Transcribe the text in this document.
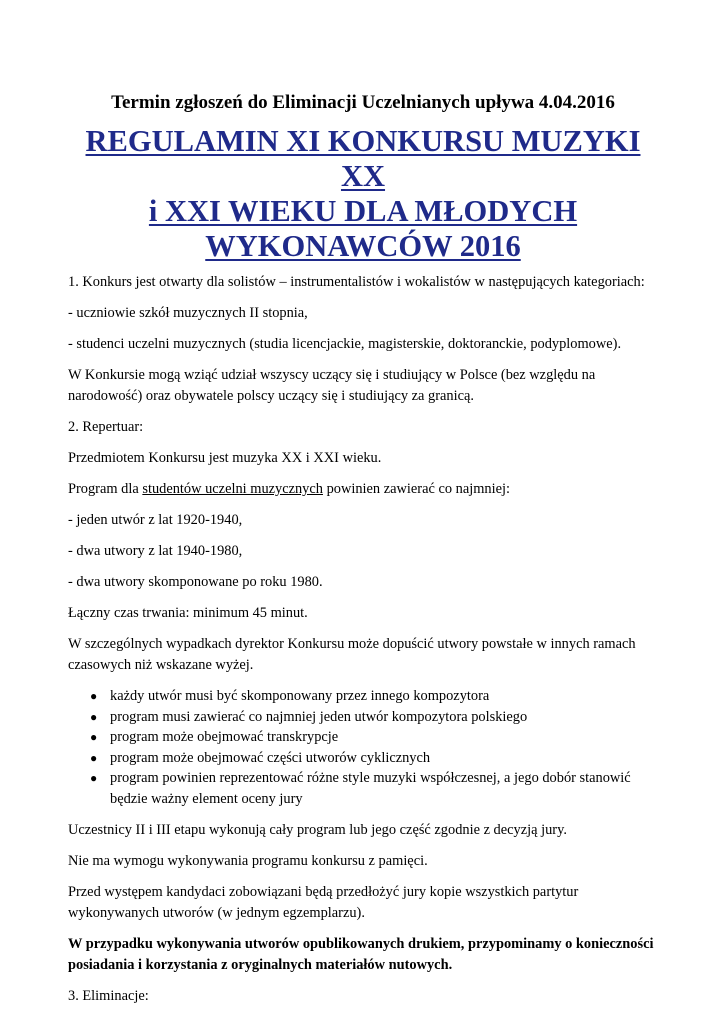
Termin zgłoszeń do Eliminacji Uczelnianych upływa 4.04.2016
REGULAMIN XI KONKURSU MUZYKI XX
i XXI WIEKU DLA MŁODYCH
WYKONAWCÓW 2016
1. Konkurs jest otwarty dla solistów – instrumentalistów i wokalistów w następujących kategoriach:
- uczniowie szkół muzycznych II stopnia,
- studenci uczelni muzycznych (studia licencjackie, magisterskie, doktoranckie, podyplomowe).
W Konkursie mogą wziąć udział wszyscy uczący się i studiujący w Polsce (bez względu na narodowość) oraz obywatele polscy uczący się i studiujący za granicą.
2. Repertuar:
Przedmiotem Konkursu jest muzyka XX i XXI wieku.
Program dla studentów uczelni muzycznych powinien zawierać co najmniej:
- jeden utwór z lat 1920-1940,
- dwa utwory z lat 1940-1980,
- dwa utwory skomponowane po roku 1980.
Łączny czas trwania: minimum 45 minut.
W szczególnych wypadkach dyrektor Konkursu może dopuścić utwory powstałe w innych ramach czasowych niż wskazane wyżej.
● każdy utwór musi być skomponowany przez innego kompozytora
● program musi zawierać co najmniej jeden utwór kompozytora polskiego
● program może obejmować transkrypcje
● program może obejmować części utworów cyklicznych
● program powinien reprezentować różne style muzyki współczesnej, a jego dobór stanowić będzie ważny element oceny jury
Uczestnicy II i III etapu wykonują cały program lub jego część zgodnie z decyzją jury.
Nie ma wymogu wykonywania programu konkursu z pamięci.
Przed występem kandydaci zobowiązani będą przedłożyć jury kopie wszystkich partytur wykonywanych utworów (w jednym egzemplarzu).
W przypadku wykonywania utworów opublikowanych drukiem, przypominamy o konieczności posiadania i korzystania z oryginalnych materiałów nutowych.
3. Eliminacje:
